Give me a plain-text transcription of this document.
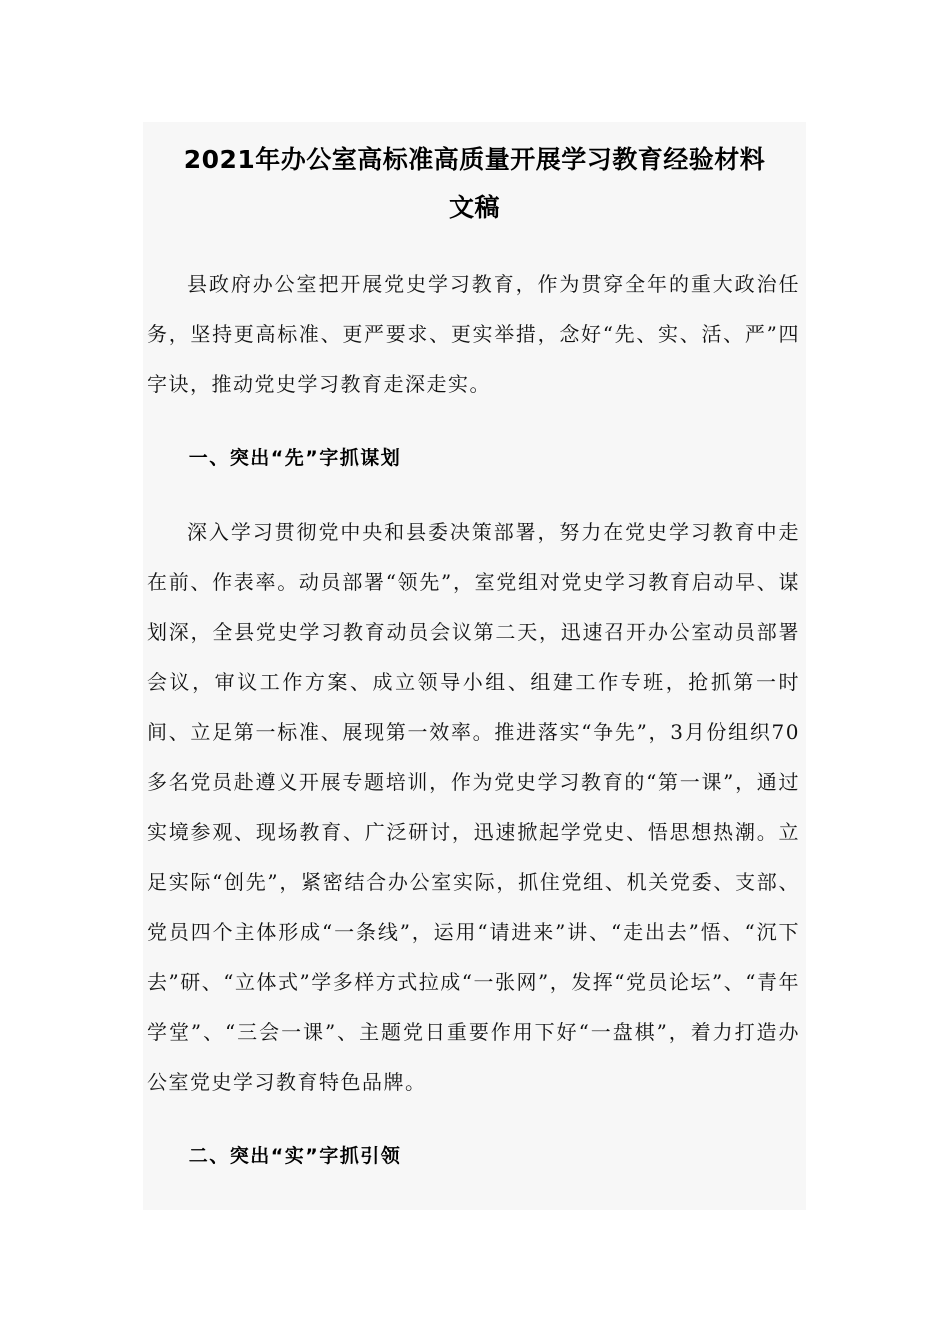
2021年办公室高标准高质量开展学习教育经验材料
文稿

县政府办公室把开展党史学习教育，作为贯穿全年的重大政治任务，坚持更高标准、更严要求、更实举措，念好“先、实、活、严”四字诀，推动党史学习教育走深走实。

一、突出“先”字抓谋划

深入学习贯彻党中央和县委决策部署，努力在党史学习教育中走在前、作表率。动员部署“领先”，室党组对党史学习教育启动早、谋划深，全县党史学习教育动员会议第二天，迅速召开办公室动员部署会议，审议工作方案、成立领导小组、组建工作专班，抢抓第一时间、立足第一标准、展现第一效率。推进落实“争先”，3月份组织70多名党员赴遵义开展专题培训，作为党史学习教育的“第一课”，通过实境参观、现场教育、广泛研讨，迅速掀起学党史、悟思想热潮。立足实际“创先”，紧密结合办公室实际，抓住党组、机关党委、支部、党员四个主体形成“一条线”，运用“请进来”讲、“走出去”悟、“沉下去”研、“立体式”学多样方式拉成“一张网”，发挥“党员论坛”、“青年学堂”、“三会一课”、主题党日重要作用下好“一盘棋”，着力打造办公室党史学习教育特色品牌。

二、突出“实”字抓引领
